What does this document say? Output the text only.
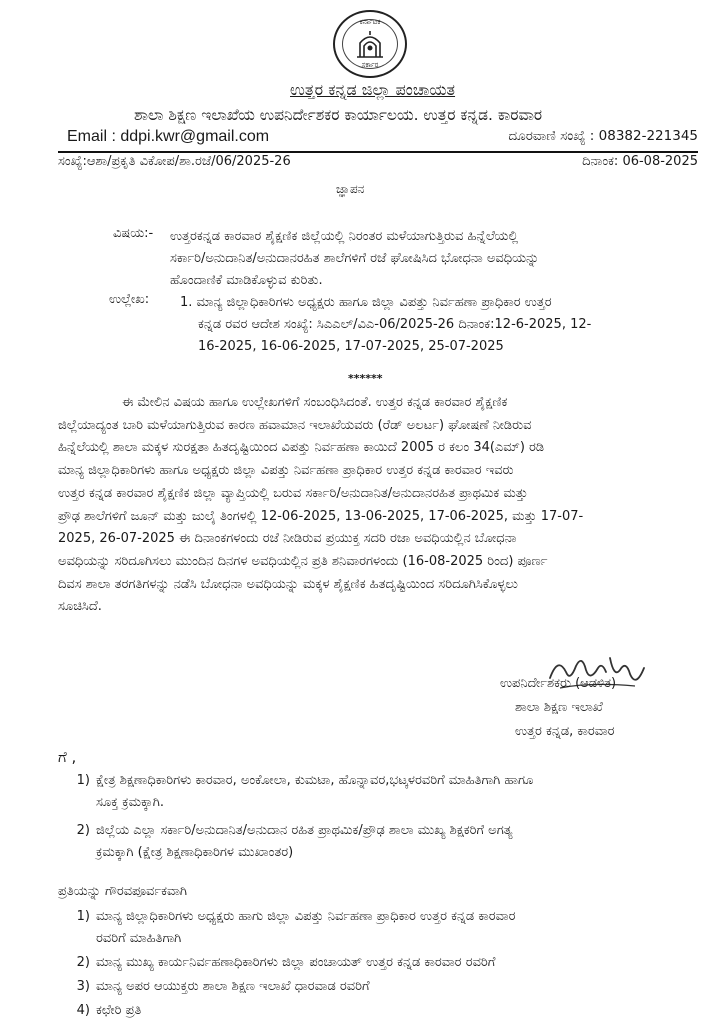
ಕರ್ನಾಟಕ
ಸರ್ಕಾರ
ಉತ್ತರ ಕನ್ನಡ ಜಿಲ್ಲಾ ಪಂಚಾಯತ
ಶಾಲಾ ಶಿಕ್ಷಣ ಇಲಾಖೆಯ ಉಪನಿರ್ದೇಶಕರ ಕಾರ್ಯಾಲಯ. ಉತ್ತರ ಕನ್ನಡ. ಕಾರವಾರ
Email : ddpi.kwr@gmail.com	ದೂರವಾಣಿ ಸಂಖ್ಯೆ : 08382-221345
ಸಂಖ್ಯೆ:ಆಶಾ/ಪ್ರಕೃತಿ ವಿಕೋಪ/ಶಾ.ರಜೆ/06/2025-26	ದಿನಾಂಕ: 06-08-2025
ಜ್ಞಾಪನ
ವಿಷಯ:- ಉತ್ತರಕನ್ನಡ ಕಾರವಾರ ಶೈಕ್ಷಣಿಕ ಜಿಲ್ಲೆಯಲ್ಲಿ ನಿರಂತರ ಮಳೆಯಾಗುತ್ತಿರುವ ಹಿನ್ನೆಲೆಯಲ್ಲಿ
ಸರ್ಕಾರಿ/ಅನುದಾನಿತ/ಅನುದಾನರಹಿತ ಶಾಲೆಗಳಿಗೆ ರಜೆ ಘೋಷಿಸಿದ ಭೋಧನಾ ಅವಧಿಯನ್ನು
ಹೊಂದಾಣಿಕೆ ಮಾಡಿಕೊಳ್ಳುವ ಕುರಿತು.
ಉಲ್ಲೇಖ: 1. ಮಾನ್ಯ ಜಿಲ್ಲಾಧಿಕಾರಿಗಳು ಅಧ್ಯಕ್ಷರು ಹಾಗೂ ಜಿಲ್ಲಾ ವಿಪತ್ತು ನಿರ್ವಹಣಾ ಪ್ರಾಧಿಕಾರ ಉತ್ತರ
ಕನ್ನಡ ರವರ ಆದೇಶ ಸಂಖ್ಯೆ: ಸಿಎಎಲ್/ವಿಎ-06/2025-26 ದಿನಾಂಕ:12-6-2025, 12-
16-2025, 16-06-2025, 17-07-2025, 25-07-2025
******
ಈ ಮೇಲಿನ ವಿಷಯ ಹಾಗೂ ಉಲ್ಲೇಖಗಳಿಗೆ ಸಂಬಂಧಿಸಿದಂತೆ. ಉತ್ತರ ಕನ್ನಡ ಕಾರವಾರ ಶೈಕ್ಷಣಿಕ
ಜಿಲ್ಲೆಯಾದ್ಯಂತ ಬಾರಿ ಮಳೆಯಾಗುತ್ತಿರುವ ಕಾರಣ ಹವಾಮಾನ ಇಲಾಖೆಯವರು (ರೆಡ್ ಅಲರ್ಟ) ಘೋಷಣೆ ನೀಡಿರುವ
ಹಿನ್ನೆಲೆಯಲ್ಲಿ ಶಾಲಾ ಮಕ್ಕಳ ಸುರಕ್ಷತಾ ಹಿತದೃಷ್ಟಿಯಿಂದ ವಿಪತ್ತು ನಿರ್ವಹಣಾ ಕಾಯಿದೆ 2005 ರ ಕಲಂ 34(ಎಮ್) ರಡಿ
ಮಾನ್ಯ ಜಿಲ್ಲಾಧಿಕಾರಿಗಳು ಹಾಗೂ ಅಧ್ಯಕ್ಷರು ಜಿಲ್ಲಾ ವಿಪತ್ತು ನಿರ್ವಹಣಾ ಪ್ರಾಧಿಕಾರ ಉತ್ತರ ಕನ್ನಡ ಕಾರವಾರ ಇವರು
ಉತ್ತರ ಕನ್ನಡ ಕಾರವಾರ ಶೈಕ್ಷಣಿಕ ಜಿಲ್ಲಾ ವ್ಯಾಪ್ತಿಯಲ್ಲಿ ಬರುವ ಸರ್ಕಾರಿ/ಅನುದಾನಿತ/ಅನುದಾನರಹಿತ ಪ್ರಾಥಮಿಕ ಮತ್ತು
ಪ್ರೌಢ ಶಾಲೆಗಳಿಗೆ ಜೂನ್ ಮತ್ತು ಜುಲೈ ತಿಂಗಳಲ್ಲಿ 12-06-2025, 13-06-2025, 17-06-2025, ಮತ್ತು 17-07-
2025, 26-07-2025 ಈ ದಿನಾಂಕಗಳಂದು ರಜೆ ನೀಡಿರುವ ಪ್ರಯುಕ್ತ ಸದರಿ ರಜಾ ಅವಧಿಯಲ್ಲಿನ ಬೋಧನಾ
ಅವಧಿಯನ್ನು ಸರಿದೂಗಿಸಲು ಮುಂದಿನ ದಿನಗಳ ಅವಧಿಯಲ್ಲಿನ ಪ್ರತಿ ಶನಿವಾರಗಳಂದು (16-08-2025 ರಿಂದ) ಪೂರ್ಣ
ದಿವಸ ಶಾಲಾ ತರಗತಿಗಳನ್ನು ನಡೆಸಿ ಬೋಧನಾ ಅವಧಿಯನ್ನು ಮಕ್ಕಳ ಶೈಕ್ಷಣಿಕ ಹಿತದೃಷ್ಟಿಯಿಂದ ಸರಿದೂಗಿಸಿಕೊಳ್ಳಲು
ಸೂಚಿಸಿದೆ.
ಉಪನಿರ್ದೇಶಕರು (ಆಡಳಿತ)
ಶಾಲಾ ಶಿಕ್ಷಣ ಇಲಾಖೆ
ಉತ್ತರ ಕನ್ನಡ, ಕಾರವಾರ
ಗೆ ,
1) ಕ್ಷೇತ್ರ ಶಿಕ್ಷಣಾಧಿಕಾರಿಗಳು ಕಾರವಾರ, ಅಂಕೋಲಾ, ಕುಮಟಾ, ಹೊನ್ನಾವರ,ಭಟ್ಕಳರವರಿಗೆ ಮಾಹಿತಿಗಾಗಿ ಹಾಗೂ
ಸೂಕ್ತ ಕ್ರಮಕ್ಕಾಗಿ.
2) ಜಿಲ್ಲೆಯ ಎಲ್ಲಾ ಸರ್ಕಾರಿ/ಅನುದಾನಿತ/ಅನುದಾನ ರಹಿತ ಪ್ರಾಥಮಿಕ/ಪ್ರೌಢ ಶಾಲಾ ಮುಖ್ಯ ಶಿಕ್ಷಕರಿಗೆ ಅಗತ್ಯ
ಕ್ರಮಕ್ಕಾಗಿ (ಕ್ಷೇತ್ರ ಶಿಕ್ಷಣಾಧಿಕಾರಿಗಳ ಮುಖಾಂತರ)
ಪ್ರತಿಯನ್ನು ಗೌರವಪೂರ್ವಕವಾಗಿ
1) ಮಾನ್ಯ ಜಿಲ್ಲಾಧಿಕಾರಿಗಳು ಅಧ್ಯಕ್ಷರು ಹಾಗು ಜಿಲ್ಲಾ ವಿಪತ್ತು ನಿರ್ವಹಣಾ ಪ್ರಾಧಿಕಾರ ಉತ್ತರ ಕನ್ನಡ ಕಾರವಾರ
ರವರಿಗೆ ಮಾಹಿತಿಗಾಗಿ
2) ಮಾನ್ಯ ಮುಖ್ಯ ಕಾರ್ಯನಿರ್ವಹಣಾಧಿಕಾರಿಗಳು ಜಿಲ್ಲಾ ಪಂಚಾಯತ್ ಉತ್ತರ ಕನ್ನಡ ಕಾರವಾರ ರವರಿಗೆ
3) ಮಾನ್ಯ ಅಪರ ಆಯುಕ್ತರು ಶಾಲಾ ಶಿಕ್ಷಣ ಇಲಾಖೆ ಧಾರವಾಡ ರವರಿಗೆ
4) ಕಛೇರಿ ಪ್ರತಿ
